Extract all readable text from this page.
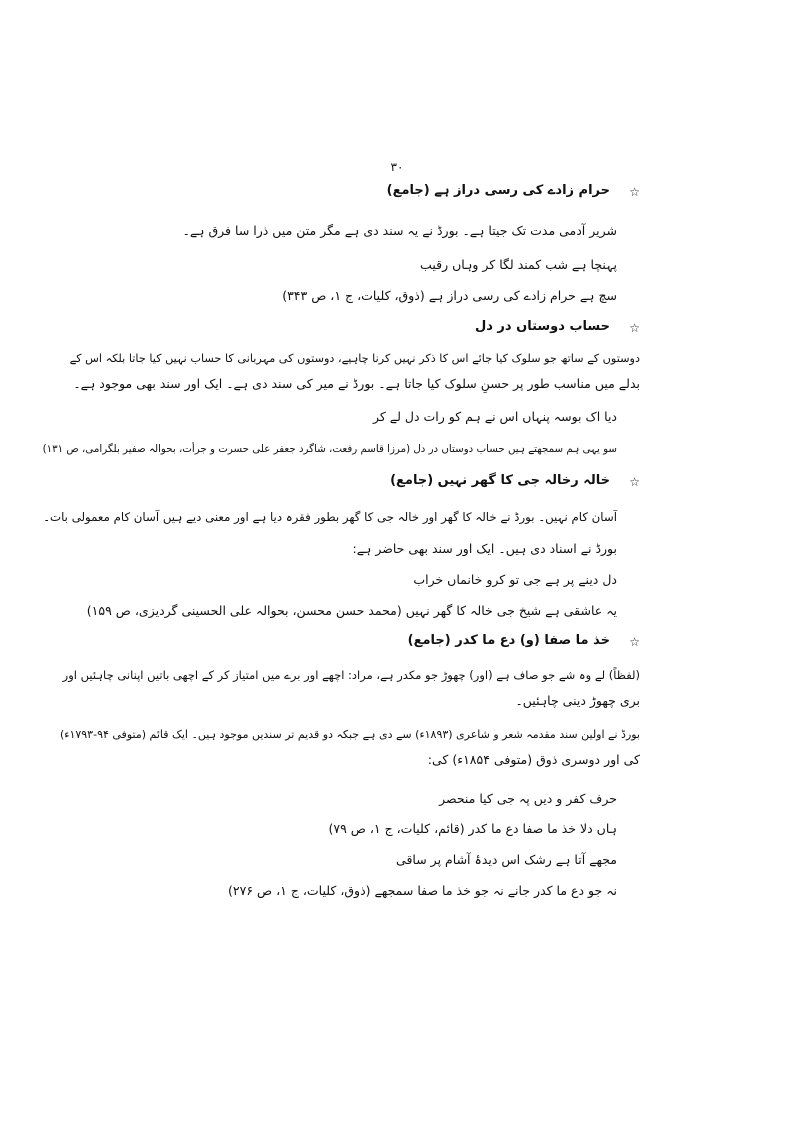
۳۰
☆
حرام زادے کی رسی دراز ہے (جامع)
شریر آدمی مدت تک جیتا ہے۔ بورڈ نے یہ سند دی ہے مگر متن میں ذرا سا فرق ہے۔
پہنچا ہے شب کمند لگا کر وہاں رقیب
سچ ہے حرام زادے کی رسی دراز ہے (ذوق، کلیات، ج ۱، ص ۳۴۳)
☆
حساب دوستاں در دل
دوستوں کے ساتھ جو سلوک کیا جائے اس کا ذکر نہیں کرنا چاہیے، دوستوں کی مہربانی کا حساب نہیں کیا جاتا بلکہ اس کے
بدلے میں مناسب طور پر حسنِ سلوک کیا جاتا ہے۔ بورڈ نے میر کی سند دی ہے۔ ایک اور سند بھی موجود ہے۔
دیا اک بوسہ پنہاں اس نے ہم کو رات دل لے کر
سو یہی ہم سمجھتے ہیں حساب دوستاں در دل (مرزا قاسم رفعت، شاگرد جعفر علی حسرت و جرأت، بحوالہ صفیر بلگرامی، ص ۱۳۱)
☆
خالہ رخالہ جی کا گھر نہیں (جامع)
آسان کام نہیں۔ بورڈ نے خالہ کا گھر اور خالہ جی کا گھر بطور فقرہ دیا ہے اور معنی دیے ہیں آسان کام معمولی بات۔
بورڈ نے اسناد دی ہیں۔ ایک اور سند بھی حاضر ہے:
دل دینے پر ہے جی تو کرو خانماں خراب
یہ عاشقی ہے شیخ جی خالہ کا گھر نہیں (محمد حسن محسن، بحوالہ علی الحسینی گردیزی، ص ۱۵۹)
☆
خذ ما صفا (و) دع ما کدر (جامع)
(لفظاً) لے وہ شے جو صاف ہے (اور) چھوڑ جو مکدر ہے، مراد: اچھے اور برے میں امتیاز کر کے اچھی باتیں اپنانی چاہئیں اور
بری چھوڑ دینی چاہئیں۔
بورڈ نے اولین سند مقدمہ شعر و شاعری (۱۸۹۳ء) سے دی ہے جبکہ دو قدیم تر سندیں موجود ہیں۔ ایک قائم (متوفی ۹۴-۱۷۹۳ء)
کی اور دوسری ذوق (متوفی ۱۸۵۴ء) کی:
حرف کفر و دیں پہ جی کیا منحصر
ہاں دلا خذ ما صفا دع ما کدر (قائم، کلیات، ج ۱، ص ۷۹)
مجھے آتا ہے رشک اس دیدۂ آشام پر ساقی
نہ جو دع ما کدر جانے نہ جو خذ ما صفا سمجھے (ذوق، کلیات، ج ۱، ص ۲۷۶)
